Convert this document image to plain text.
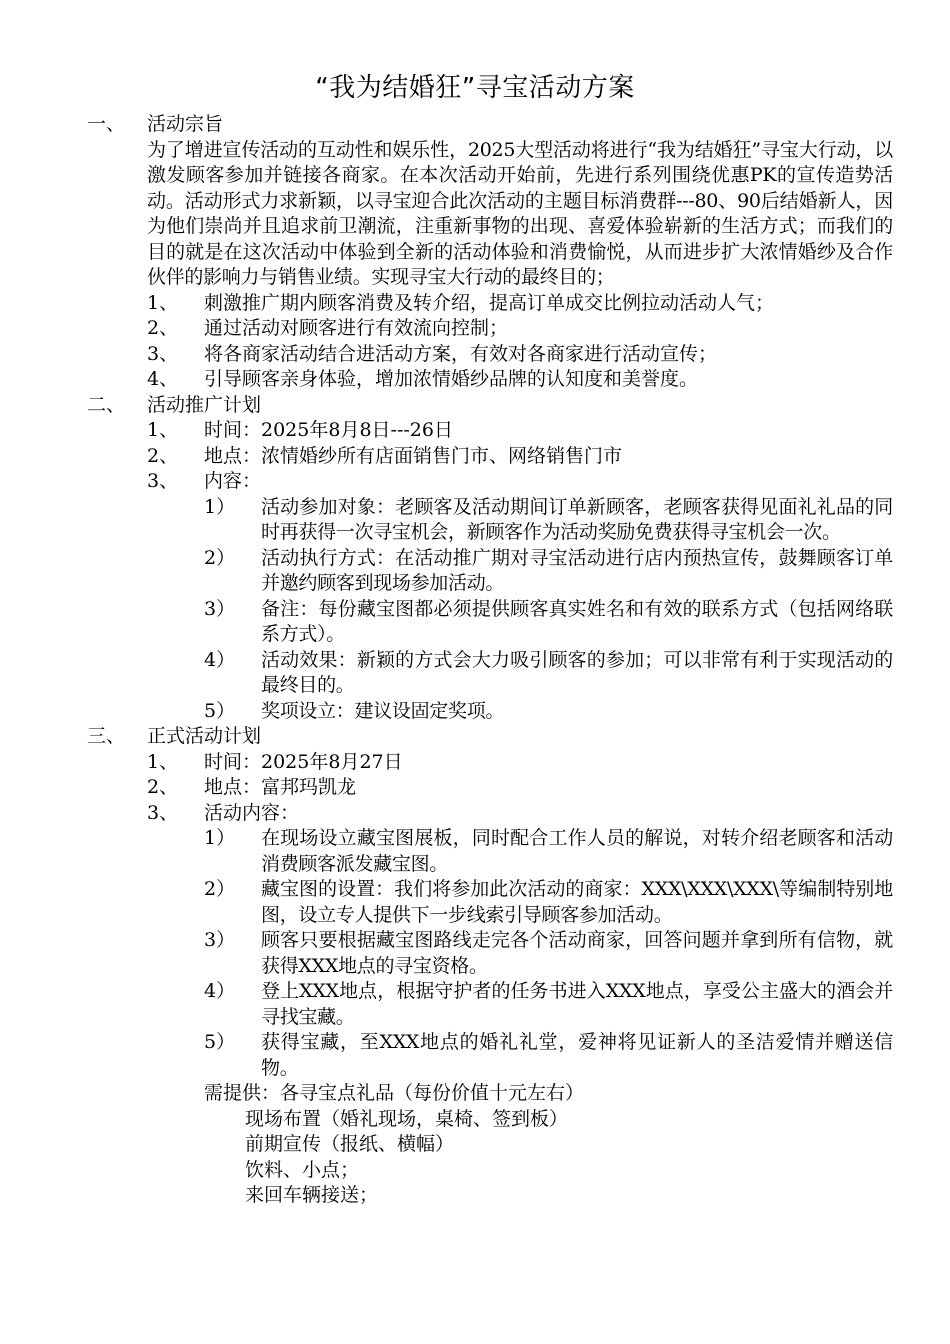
“我为结婚狂”寻宝活动方案
一、	活动宗旨
为了增进宣传活动的互动性和娱乐性，2025大型活动将进行“我为结婚狂”寻宝大行动，以激发顾客参加并链接各商家。在本次活动开始前，先进行系列围绕优惠PK的宣传造势活动。活动形式力求新颖，以寻宝迎合此次活动的主题目标消费群---80、90后结婚新人，因为他们崇尚并且追求前卫潮流，注重新事物的出现、喜爱体验崭新的生活方式；而我们的目的就是在这次活动中体验到全新的活动体验和消费愉悦，从而进步扩大浓情婚纱及合作伙伴的影响力与销售业绩。实现寻宝大行动的最终目的；
1、	刺激推广期内顾客消费及转介绍，提高订单成交比例拉动活动人气；
2、	通过活动对顾客进行有效流向控制；
3、	将各商家活动结合进活动方案，有效对各商家进行活动宣传；
4、	引导顾客亲身体验，增加浓情婚纱品牌的认知度和美誉度。
二、	活动推广计划
1、	时间：2025年8月8日---26日
2、	地点：浓情婚纱所有店面销售门市、网络销售门市
3、	内容：
1）	活动参加对象：老顾客及活动期间订单新顾客，老顾客获得见面礼礼品的同时再获得一次寻宝机会，新顾客作为活动奖励免费获得寻宝机会一次。
2）	活动执行方式：在活动推广期对寻宝活动进行店内预热宣传，鼓舞顾客订单并邀约顾客到现场参加活动。
3）	备注：每份藏宝图都必须提供顾客真实姓名和有效的联系方式（包括网络联系方式）。
4）	活动效果：新颖的方式会大力吸引顾客的参加；可以非常有利于实现活动的最终目的。
5）	奖项设立：建议设固定奖项。
三、	正式活动计划
1、	时间：2025年8月27日
2、	地点：富邦玛凯龙
3、	活动内容：
1）	在现场设立藏宝图展板，同时配合工作人员的解说，对转介绍老顾客和活动消费顾客派发藏宝图。
2）	藏宝图的设置：我们将参加此次活动的商家：XXX\XXX\XXX\等编制特别地图，设立专人提供下一步线索引导顾客参加活动。
3）	顾客只要根据藏宝图路线走完各个活动商家，回答问题并拿到所有信物，就获得XXX地点的寻宝资格。
4）	登上XXX地点，根据守护者的任务书进入XXX地点，享受公主盛大的酒会并寻找宝藏。
5）	获得宝藏，至XXX地点的婚礼礼堂，爱神将见证新人的圣洁爱情并赠送信物。
需提供：各寻宝点礼品（每份价值十元左右）
现场布置（婚礼现场，桌椅、签到板）
前期宣传（报纸、横幅）
饮料、小点；
来回车辆接送；
